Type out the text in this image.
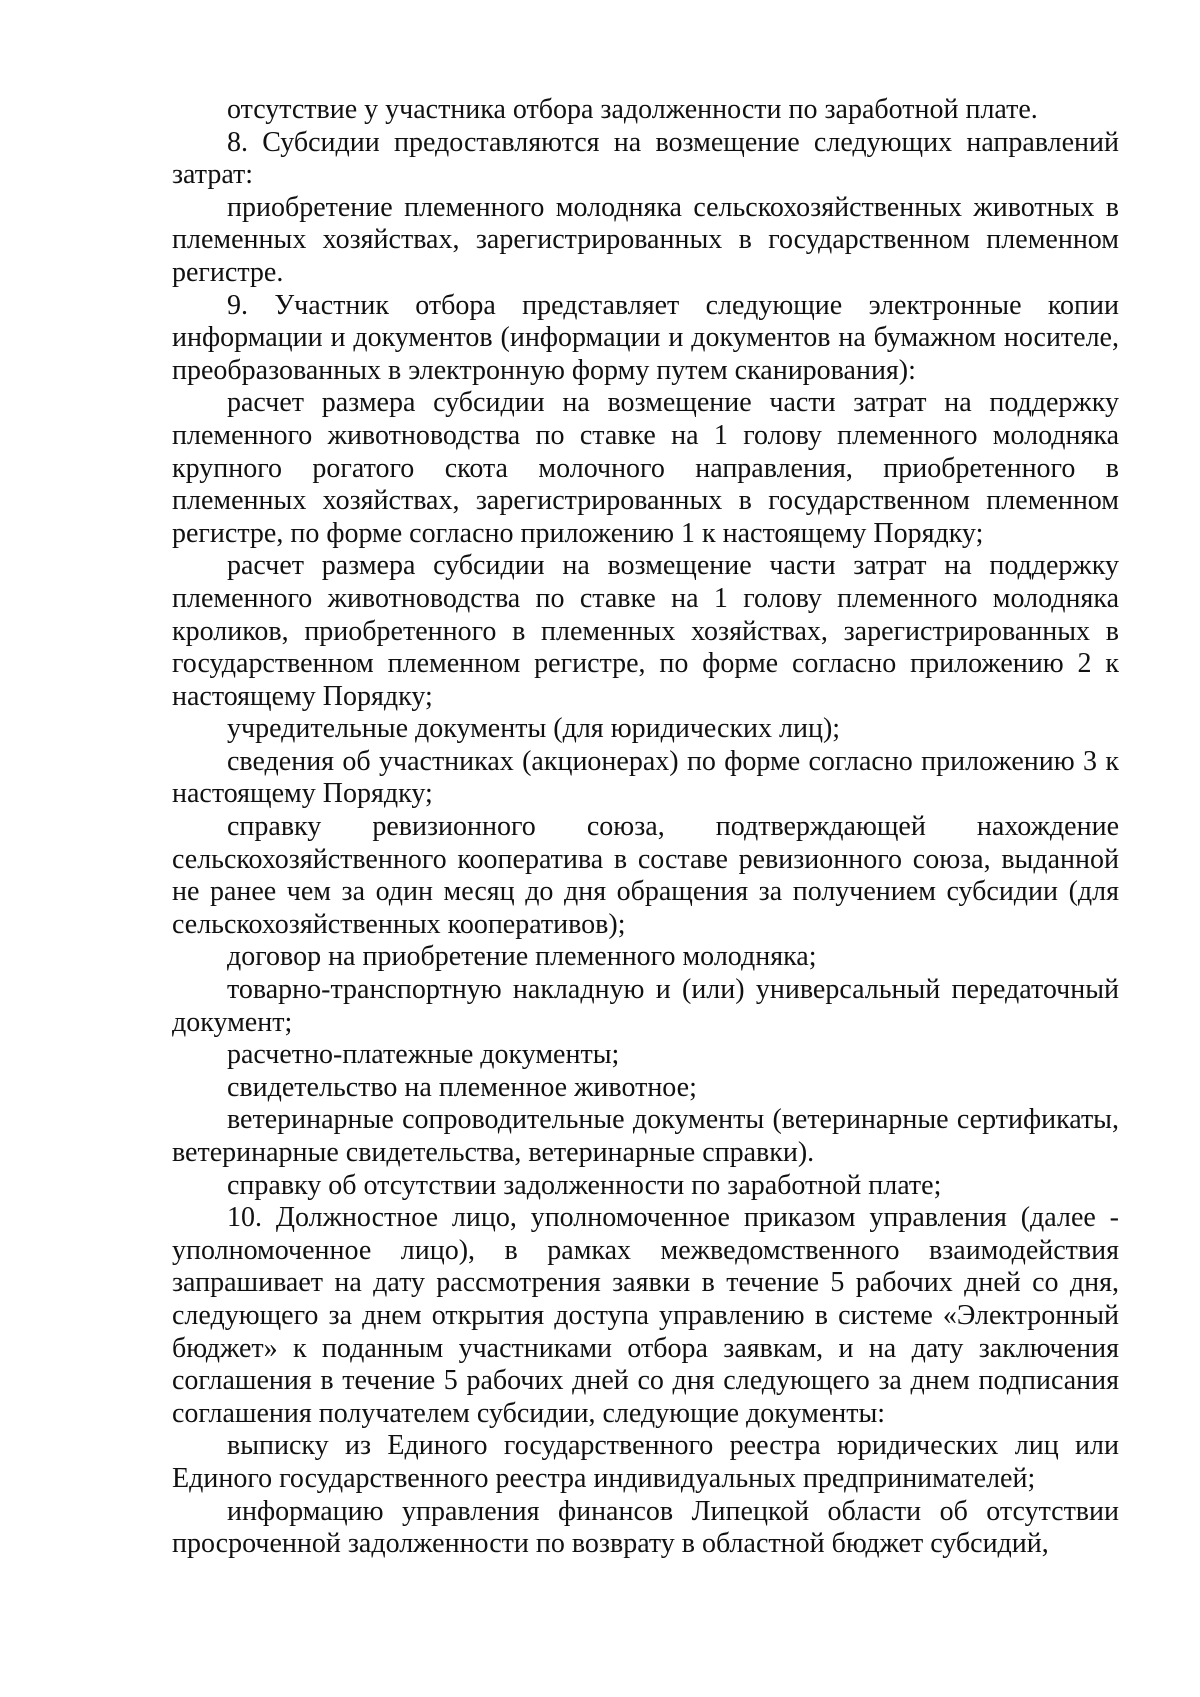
отсутствие у участника отбора задолженности по заработной плате.

8. Субсидии предоставляются на возмещение следующих направлений затрат:

приобретение племенного молодняка сельскохозяйственных животных в племенных хозяйствах, зарегистрированных в государственном племенном регистре.

9. Участник отбора представляет следующие электронные копии информации и документов (информации и документов на бумажном носителе, преобразованных в электронную форму путем сканирования):

расчет размера субсидии на возмещение части затрат на поддержку племенного животноводства по ставке на 1 голову племенного молодняка крупного рогатого скота молочного направления, приобретенного в племенных хозяйствах, зарегистрированных в государственном племенном регистре, по форме согласно приложению 1 к настоящему Порядку;

расчет размера субсидии на возмещение части затрат на поддержку племенного животноводства по ставке на 1 голову племенного молодняка кроликов, приобретенного в племенных хозяйствах, зарегистрированных в государственном племенном регистре, по форме согласно приложению 2 к настоящему Порядку;

учредительные документы (для юридических лиц);

сведения об участниках (акционерах) по форме согласно приложению 3 к настоящему Порядку;

справку ревизионного союза, подтверждающей нахождение сельскохозяйственного кооператива в составе ревизионного союза, выданной не ранее чем за один месяц до дня обращения за получением субсидии (для сельскохозяйственных кооперативов);

договор на приобретение племенного молодняка;

товарно-транспортную накладную и (или) универсальный передаточный документ;

расчетно-платежные документы;

свидетельство на племенное животное;

ветеринарные сопроводительные документы (ветеринарные сертификаты, ветеринарные свидетельства, ветеринарные справки).

справку об отсутствии задолженности по заработной плате;

10. Должностное лицо, уполномоченное приказом управления (далее - уполномоченное лицо), в рамках межведомственного взаимодействия запрашивает на дату рассмотрения заявки в течение 5 рабочих дней со дня, следующего за днем открытия доступа управлению в системе «Электронный бюджет» к поданным участниками отбора заявкам, и на дату заключения соглашения в течение 5 рабочих дней со дня следующего за днем подписания соглашения получателем субсидии, следующие документы:

выписку из Единого государственного реестра юридических лиц или Единого государственного реестра индивидуальных предпринимателей;

информацию управления финансов Липецкой области об отсутствии просроченной задолженности по возврату в областной бюджет субсидий,
